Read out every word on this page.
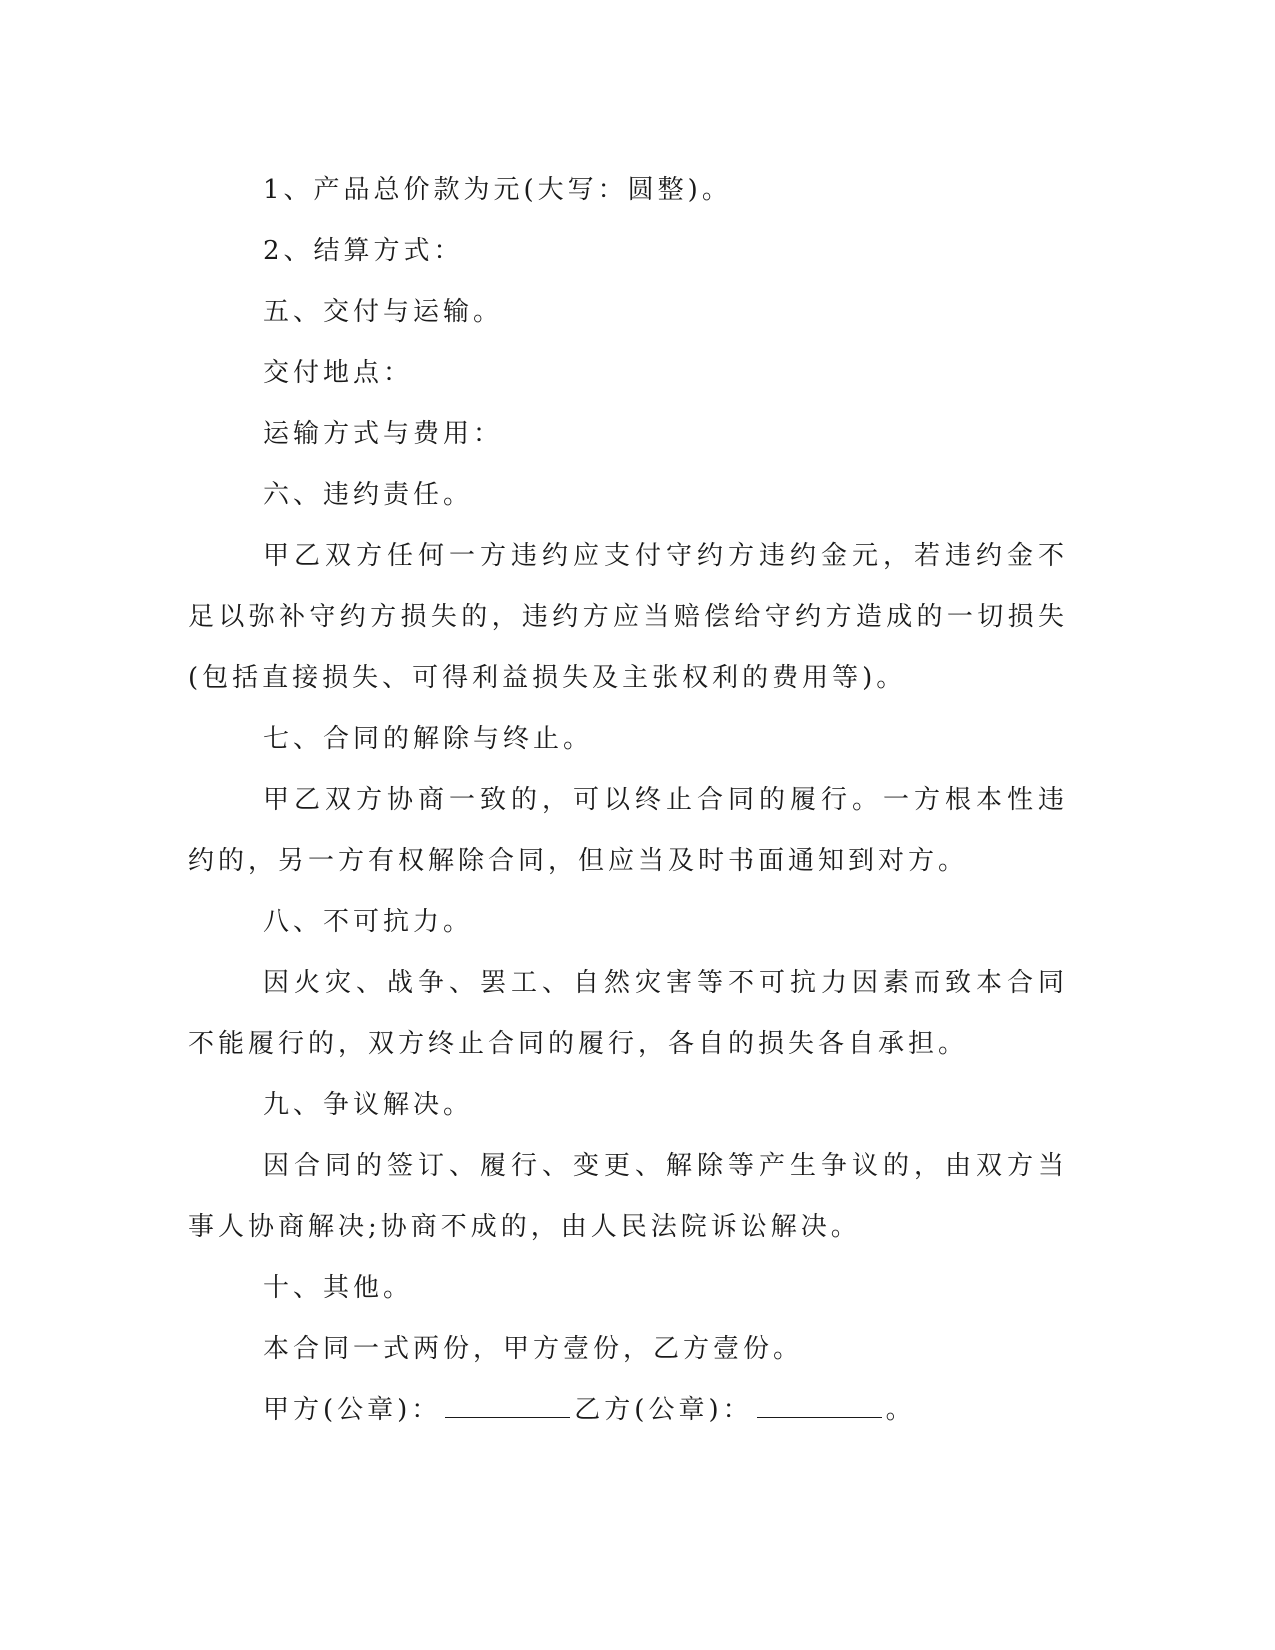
1、产品总价款为元(大写：圆整)。

2、结算方式：

五、交付与运输。

交付地点：

运输方式与费用：

六、违约责任。

甲乙双方任何一方违约应支付守约方违约金元，若违约金不足以弥补守约方损失的，违约方应当赔偿给守约方造成的一切损失(包括直接损失、可得利益损失及主张权利的费用等)。

七、合同的解除与终止。

甲乙双方协商一致的，可以终止合同的履行。一方根本性违约的，另一方有权解除合同，但应当及时书面通知到对方。

八、不可抗力。

因火灾、战争、罢工、自然灾害等不可抗力因素而致本合同不能履行的，双方终止合同的履行，各自的损失各自承担。

九、争议解决。

因合同的签订、履行、变更、解除等产生争议的，由双方当事人协商解决;协商不成的，由人民法院诉讼解决。

十、其他。

本合同一式两份，甲方壹份，乙方壹份。

甲方(公章)：	乙方(公章)：	。
